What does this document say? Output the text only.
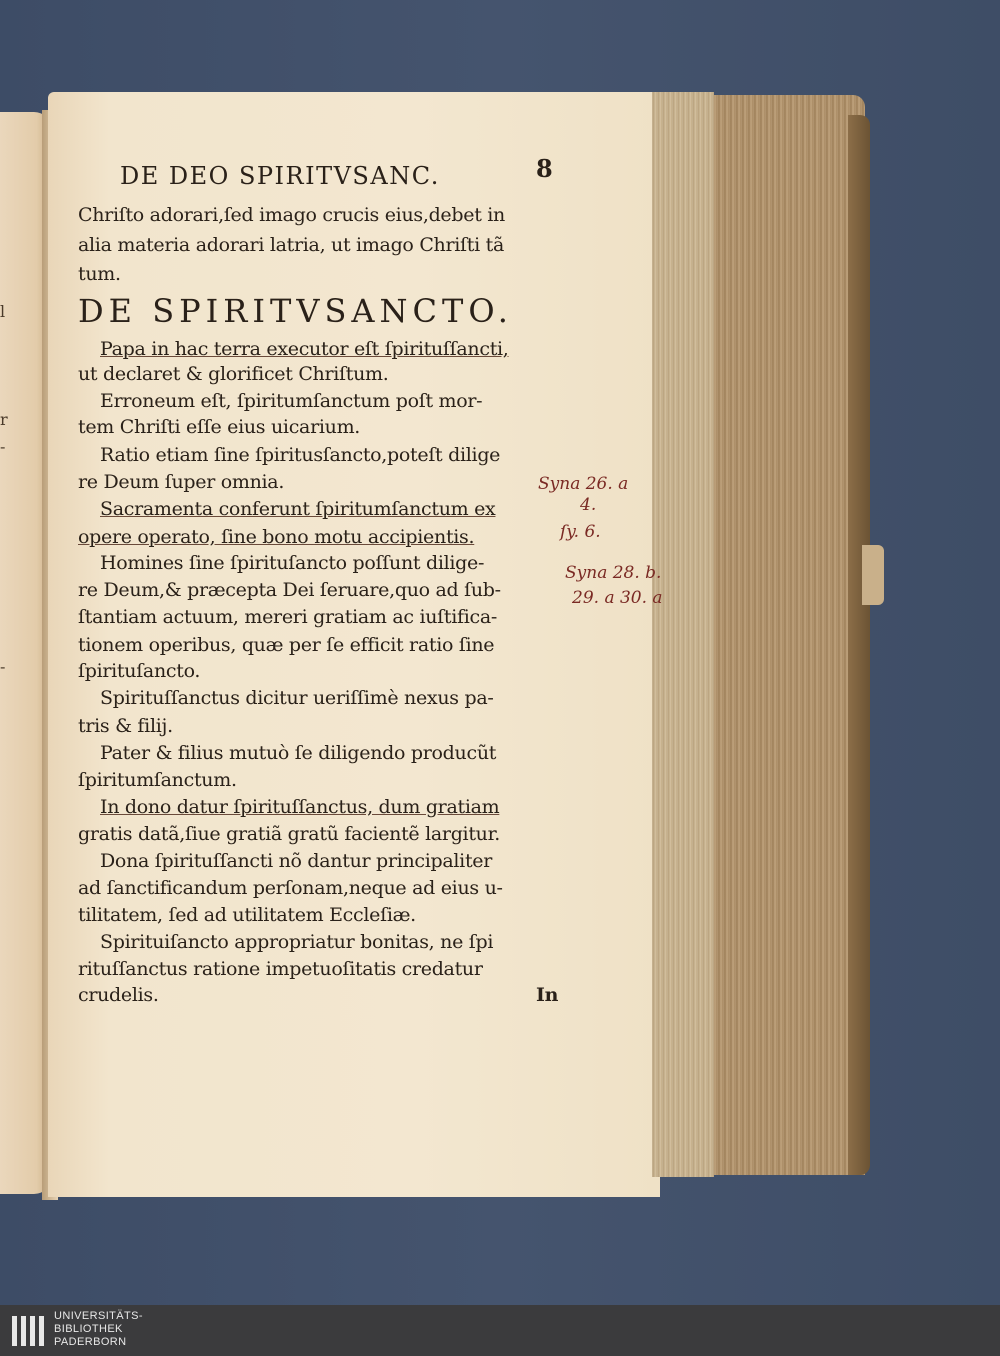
l
r
-
-
DE DEO SPIRITVSANC.	8
Chriſto adorari,ſed imago crucis eius,debet in
alia materia adorari latria, ut imago Chriſti tã
tum.
DE SPIRITVSANCTO.
Papa in hac terra executor eſt ſpirituſſancti,
ut declaret & glorificet Chriſtum.
Erroneum eſt, ſpiritumſanctum poſt mor-
tem Chriſti eſſe eius uicarium.
Ratio etiam ſine ſpiritusſancto,poteſt dilige
re Deum ſuper omnia.
Sacramenta conferunt ſpiritumſanctum ex
opere operato, ſine bono motu accipientis.
Homines ſine ſpirituſancto poſſunt dilige-
re Deum,& præcepta Dei ſeruare,quo ad ſub-
ſtantiam actuum, mereri gratiam ac iuſtifica-
tionem operibus, quæ per ſe efficit ratio ſine
ſpirituſancto.
Spirituſſanctus dicitur ueriſſimè nexus pa-
tris & filij.
Pater & filius mutuò ſe diligendo producũt
ſpiritumſanctum.
In dono datur ſpirituſſanctus, dum gratiam
gratis datã,ſiue gratiã gratũ facientẽ largitur.
Dona ſpirituſſancti nõ dantur principaliter
ad ſanctificandum perſonam,neque ad eius u-
tilitatem, ſed ad utilitatem Eccleſiæ.
Spirituiſancto appropriatur bonitas, ne ſpi
rituſſanctus ratione impetuoſitatis credatur
crudelis.	In
Syna 26. a
4.
ſy. 6.
Syna 28. b.
29. a 30. a
UNIVERSITÄTS-
BIBLIOTHEK
PADERBORN
